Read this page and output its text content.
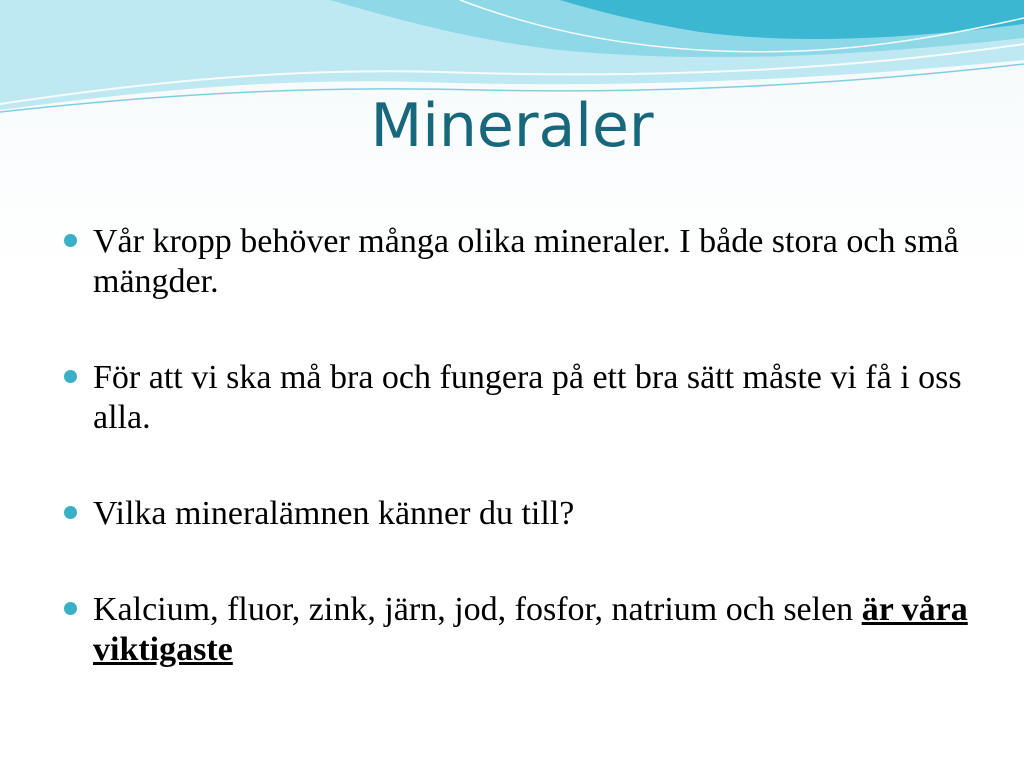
Mineraler
Vår kropp behöver många olika mineraler. I både stora och små mängder.
För att vi ska må bra och fungera på ett bra sätt måste vi få i oss alla.
Vilka mineralämnen känner du till?
Kalcium, fluor, zink, järn, jod, fosfor, natrium och selen är våra viktigaste
